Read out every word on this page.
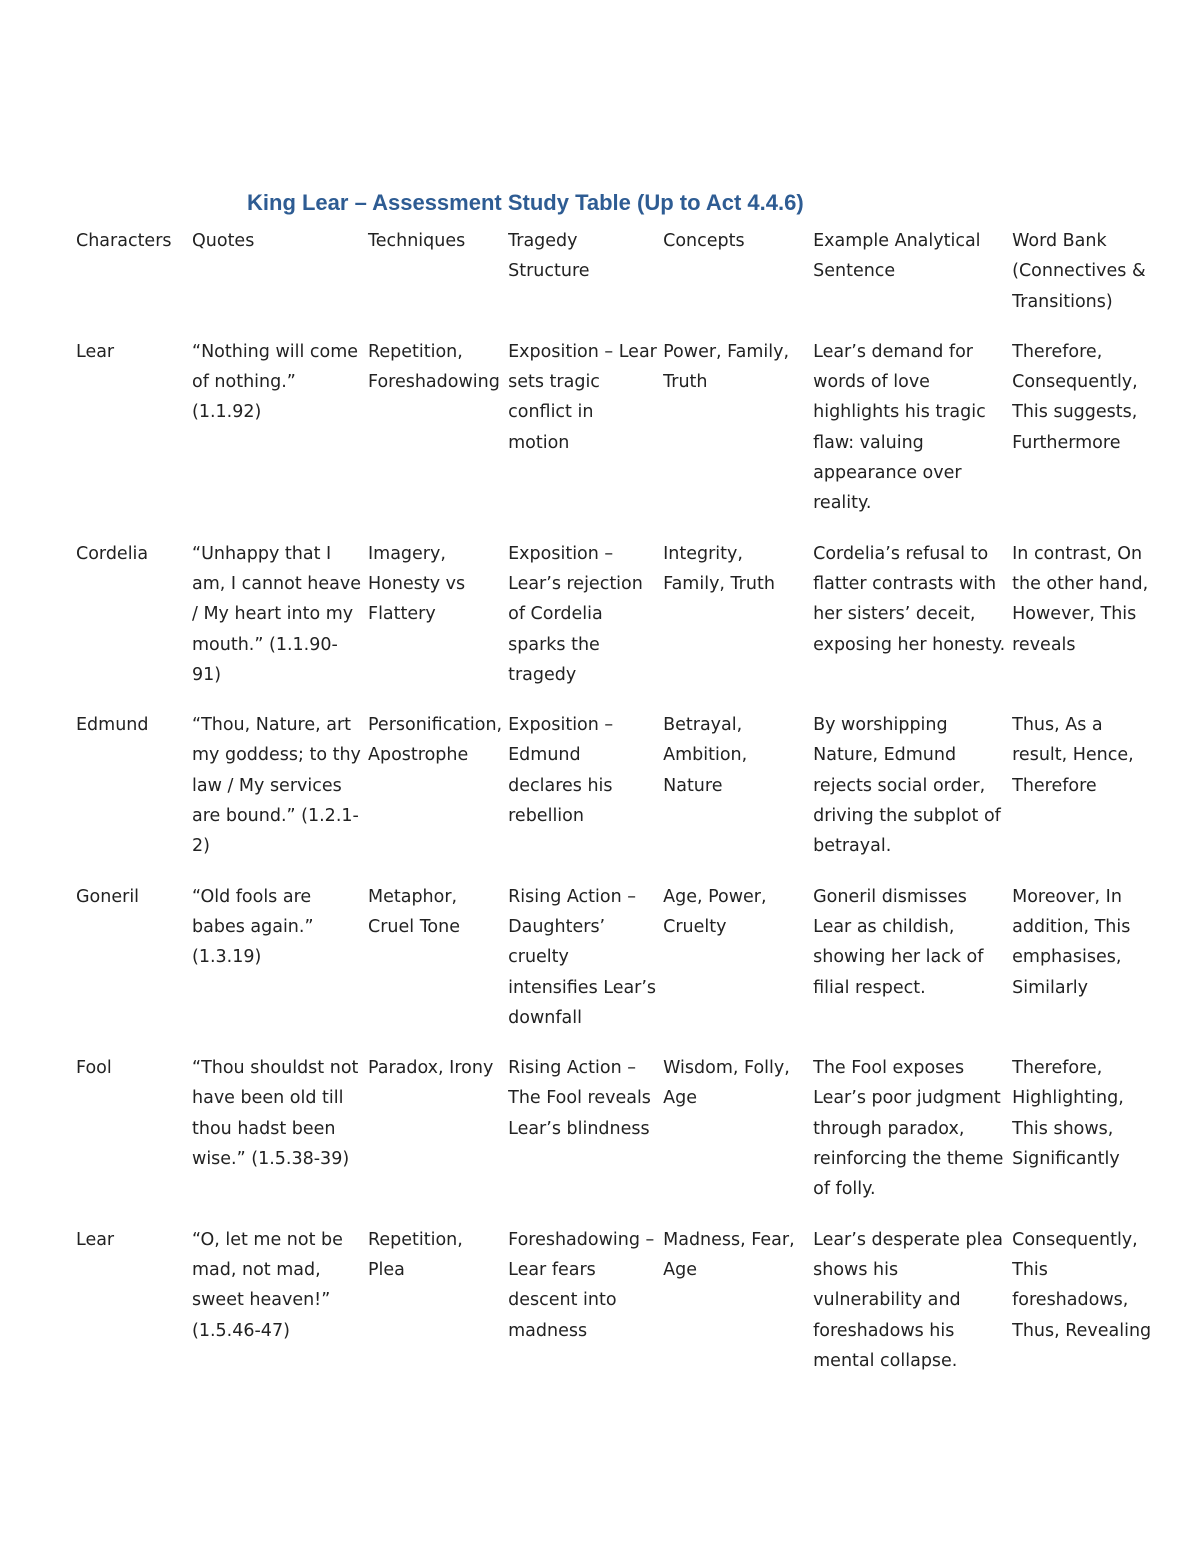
King Lear – Assessment Study Table (Up to Act 4.4.6)
Characters	Quotes	Techniques	Tragedy Structure	Concepts	Example Analytical Sentence	Word Bank (Connectives & Transitions)
Lear	“Nothing will come of nothing.” (1.1.92)	Repetition, Foreshadowing	Exposition – Lear sets tragic conflict in motion	Power, Family, Truth	Lear’s demand for words of love highlights his tragic flaw: valuing appearance over reality.	Therefore, Consequently, This suggests, Furthermore
Cordelia	“Unhappy that I am, I cannot heave / My heart into my mouth.” (1.1.90-91)	Imagery, Honesty vs Flattery	Exposition – Lear’s rejection of Cordelia sparks the tragedy	Integrity, Family, Truth	Cordelia’s refusal to flatter contrasts with her sisters’ deceit, exposing her honesty.	In contrast, On the other hand, However, This reveals
Edmund	“Thou, Nature, art my goddess; to thy law / My services are bound.” (1.2.1-2)	Personification, Apostrophe	Exposition – Edmund declares his rebellion	Betrayal, Ambition, Nature	By worshipping Nature, Edmund rejects social order, driving the subplot of betrayal.	Thus, As a result, Hence, Therefore
Goneril	“Old fools are babes again.” (1.3.19)	Metaphor, Cruel Tone	Rising Action – Daughters’ cruelty intensifies Lear’s downfall	Age, Power, Cruelty	Goneril dismisses Lear as childish, showing her lack of filial respect.	Moreover, In addition, This emphasises, Similarly
Fool	“Thou shouldst not have been old till thou hadst been wise.” (1.5.38-39)	Paradox, Irony	Rising Action – The Fool reveals Lear’s blindness	Wisdom, Folly, Age	The Fool exposes Lear’s poor judgment through paradox, reinforcing the theme of folly.	Therefore, Highlighting, This shows, Significantly
Lear	“O, let me not be mad, not mad, sweet heaven!” (1.5.46-47)	Repetition, Plea	Foreshadowing – Lear fears descent into madness	Madness, Fear, Age	Lear’s desperate plea shows his vulnerability and foreshadows his mental collapse.	Consequently, This foreshadows, Thus, Revealing
